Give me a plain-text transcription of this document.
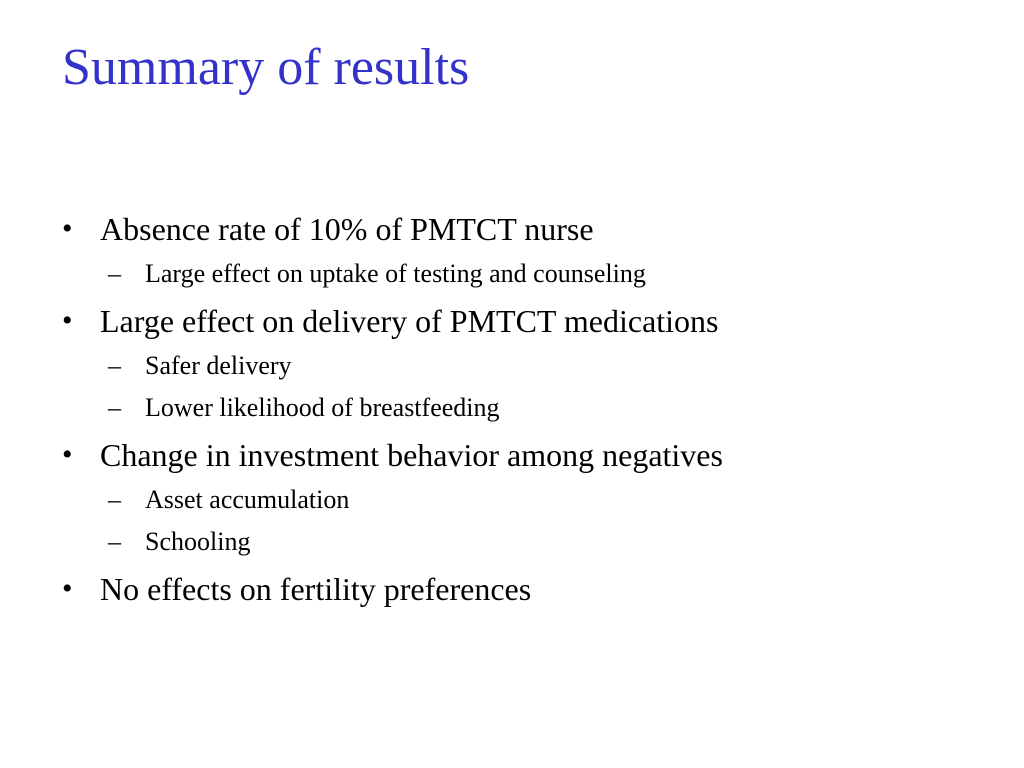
Summary of results
• Absence rate of 10% of PMTCT nurse
– Large effect on uptake of testing and counseling
• Large effect on delivery of PMTCT medications
– Safer delivery
– Lower likelihood of breastfeeding
• Change in investment behavior among negatives
– Asset accumulation
– Schooling
• No effects on fertility preferences
